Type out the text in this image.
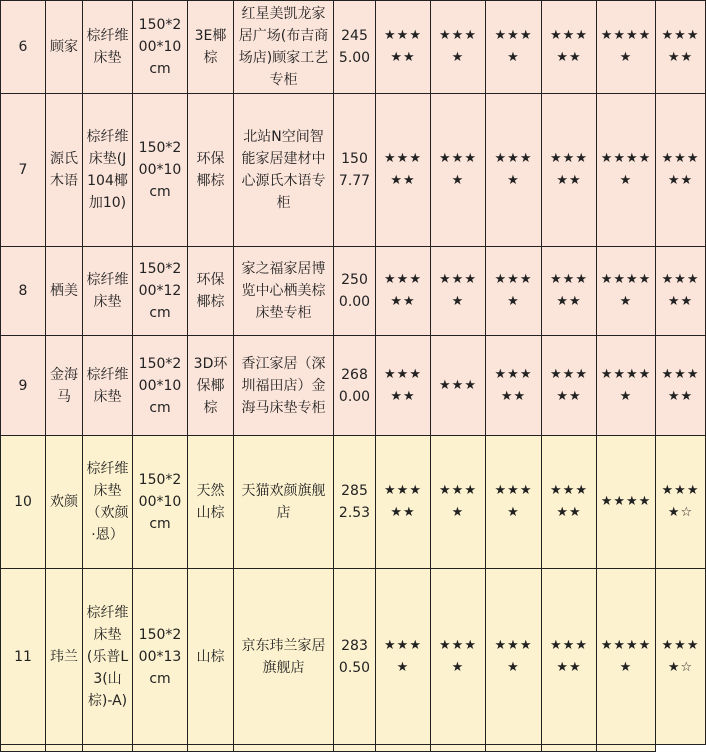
6	顾家	棕纤维床垫	150*200*10cm	3E椰棕	红星美凯龙家居广场(布吉商场店)顾家工艺专柜	2455.00	★★★★★	★★★★	★★★★	★★★★★	★★★★★	★★★★★
7	源氏木语	棕纤维床垫(J104椰加10)	150*200*10cm	环保椰棕	北站N空间智能家居建材中心源氏木语专柜	1507.77	★★★★★	★★★★	★★★★	★★★★★	★★★★★	★★★★★
8	栖美	棕纤维床垫	150*200*12cm	环保椰棕	家之福家居博览中心栖美棕床垫专柜	2500.00	★★★★★	★★★★	★★★★	★★★★★	★★★★★	★★★★★
9	金海马	棕纤维床垫	150*200*10cm	3D环保椰棕	香江家居（深圳福田店）金海马床垫专柜	2680.00	★★★★★	★★★	★★★★★	★★★★★	★★★★★	★★★★★
10	欢颜	棕纤维床垫（欢颜·恩）	150*200*10cm	天然山棕	天猫欢颜旗舰店	2852.53	★★★★★	★★★★	★★★★	★★★★★	★★★★	★★★★☆
11	玮兰	棕纤维床垫(乐普L3(山棕)-A)	150*200*13cm	山棕	京东玮兰家居旗舰店	2830.50	★★★★	★★★★	★★★★	★★★★★	★★★★★	★★★★☆
